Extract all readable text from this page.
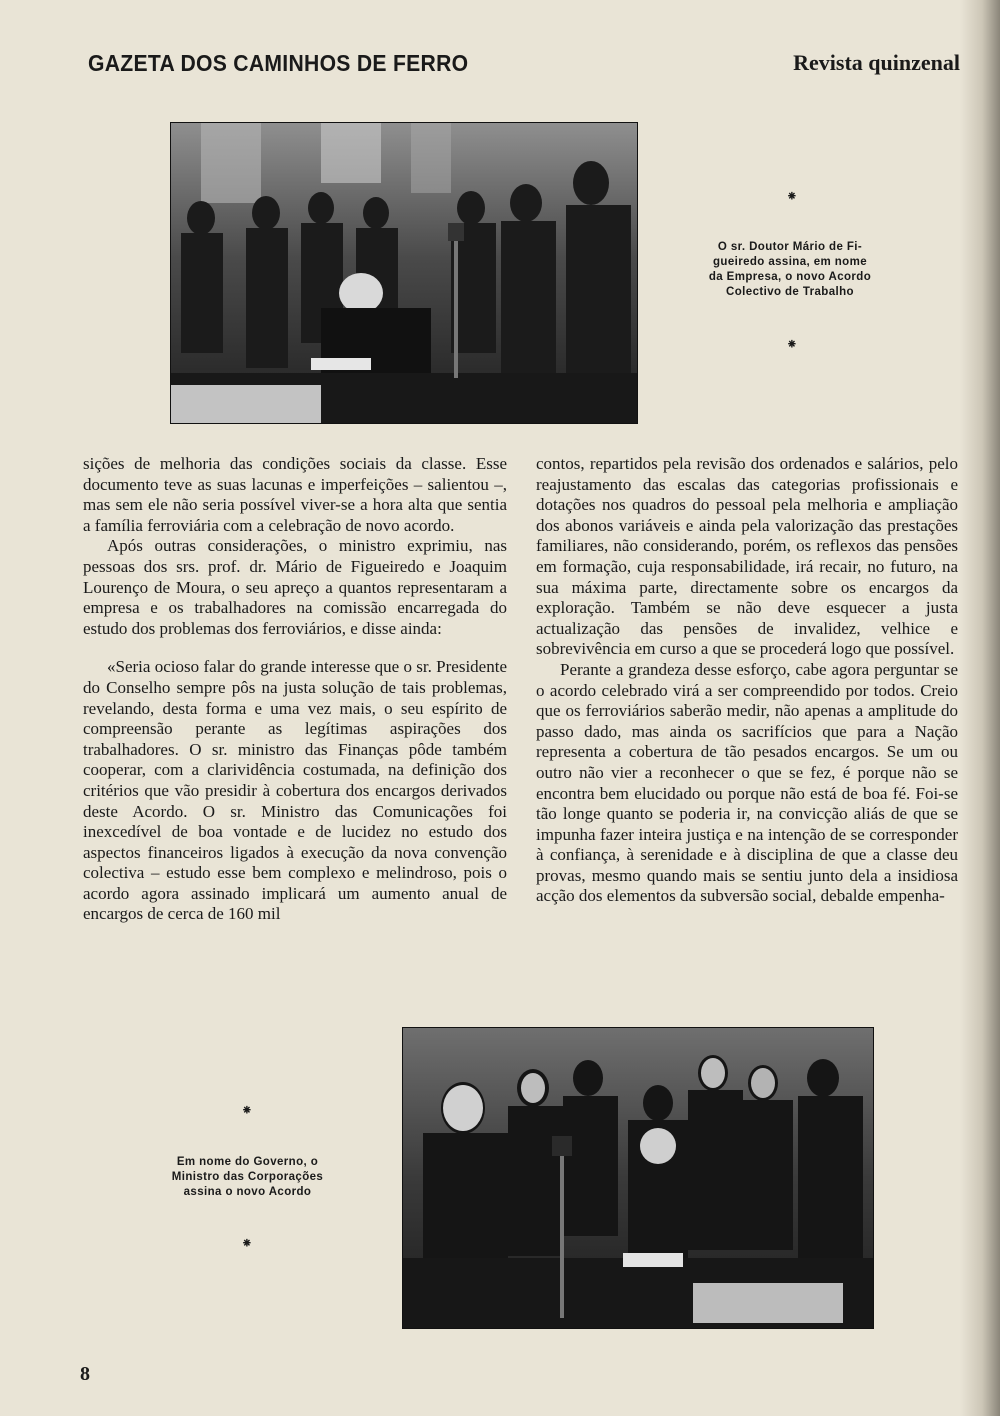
GAZETA DOS CAMINHOS DE FERRO	Revista quinzenal
⁕
O sr. Doutor Mário de Fi-
gueiredo assina, em nome
da Empresa, o novo Acordo
Colectivo de Trabalho
⁕

sições de melhoria das condições sociais da classe. Esse documento teve as suas lacunas e imperfeições – salientou –, mas sem ele não seria possível viver-se a hora alta que sentia a família ferroviária com a celebração de novo acordo.

Após outras considerações, o ministro exprimiu, nas pessoas dos srs. prof. dr. Mário de Figueiredo e Joaquim Lourenço de Moura, o seu apreço a quantos representaram a empresa e os trabalhadores na comissão encarregada do estudo dos problemas dos ferroviários, e disse ainda:

«Seria ocioso falar do grande interesse que o sr. Presidente do Conselho sempre pôs na justa solução de tais problemas, revelando, desta forma e uma vez mais, o seu espírito de compreensão perante as legítimas aspirações dos trabalhadores. O sr. ministro das Finanças pôde também cooperar, com a clarividência costumada, na definição dos critérios que vão presidir à cobertura dos encargos derivados deste Acordo. O sr. Ministro das Comunicações foi inexcedível de boa vontade e de lucidez no estudo dos aspectos financeiros ligados à execução da nova convenção colectiva – estudo esse bem complexo e melindroso, pois o acordo agora assinado implicará um aumento anual de encargos de cerca de 160 mil

contos, repartidos pela revisão dos ordenados e salários, pelo reajustamento das escalas das categorias profissionais e dotações nos quadros do pessoal pela melhoria e ampliação dos abonos variáveis e ainda pela valorização das prestações familiares, não considerando, porém, os reflexos das pensões em formação, cuja responsabilidade, irá recair, no futuro, na sua máxima parte, directamente sobre os encargos da exploração. Também se não deve esquecer a justa actualização das pensões de invalidez, velhice e sobrevivência em curso a que se procederá logo que possível.

Perante a grandeza desse esforço, cabe agora perguntar se o acordo celebrado virá a ser compreendido por todos. Creio que os ferroviários saberão medir, não apenas a amplitude do passo dado, mas ainda os sacrifícios que para a Nação representa a cobertura de tão pesados encargos. Se um ou outro não vier a reconhecer o que se fez, é porque não se encontra bem elucidado ou porque não está de boa fé. Foi-se tão longe quanto se poderia ir, na convicção aliás de que se impunha fazer inteira justiça e na intenção de se corresponder à confiança, à serenidade e à disciplina de que a classe deu provas, mesmo quando mais se sentiu junto dela a insidiosa acção dos elementos da subversão social, debalde empenha-

⁕
Em nome do Governo, o
Ministro das Corporações
assina o novo Acordo
⁕
8
